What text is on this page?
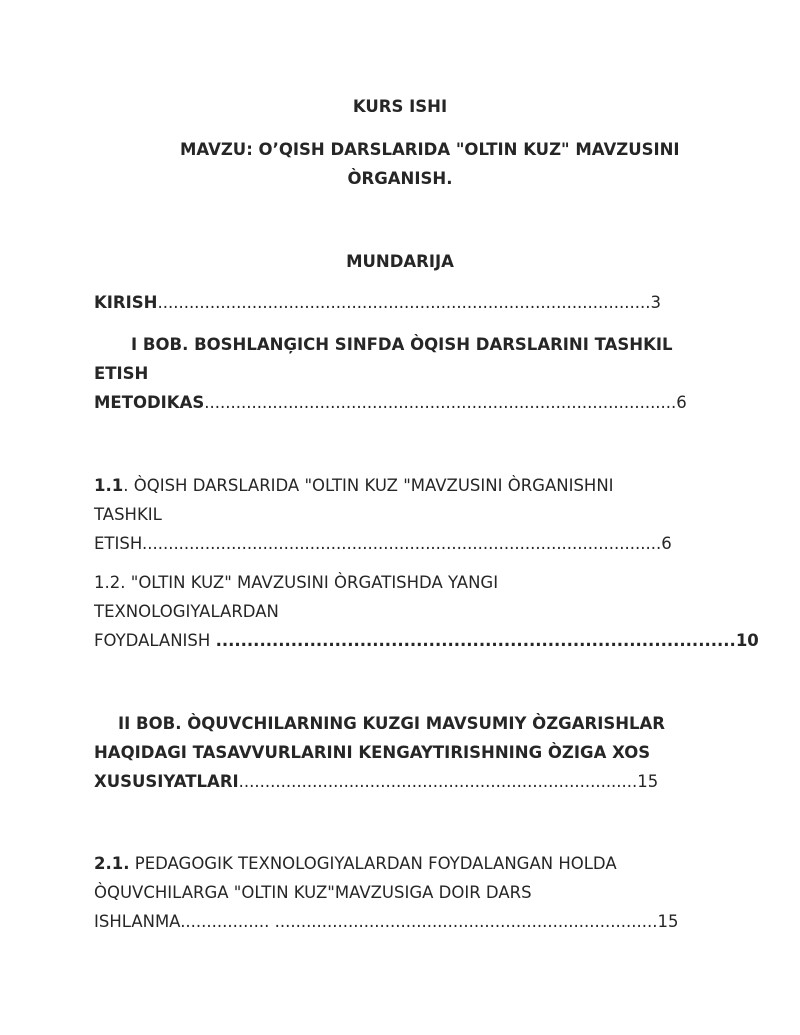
KURS ISHI
MAVZU: O’QISH DARSLARIDA "OLTIN KUZ" MAVZUSINI
ÒRGANISH.
MUNDARIJA
KIRISH..............................................................................................3
I BOB. BOSHLANĢICH SINFDA ÒQISH DARSLARINI TASHKIL
ETISH
METODIKAS..........................................................................................6
1.1. ÒQISH DARSLARIDA "OLTIN KUZ "MAVZUSINI ÒRGANISHNI
TASHKIL
ETISH...................................................................................................6
1.2. "OLTIN KUZ" MAVZUSINI ÒRGATISHDA YANGI
TEXNOLOGIYALARDAN
FOYDALANISH ...................................................................................10
II BOB. ÒQUVCHILARNING KUZGI MAVSUMIY ÒZGARISHLAR
HAQIDAGI TASAVVURLARINI KENGAYTIRISHNING ÒZIGA XOS
XUSUSIYATLARI............................................................................15
2.1. PEDAGOGIK TEXNOLOGIYALARDAN FOYDALANGAN HOLDA
ÒQUVCHILARGA "OLTIN KUZ"MAVZUSIGA DOIR DARS
ISHLANMA................. .........................................................................15
